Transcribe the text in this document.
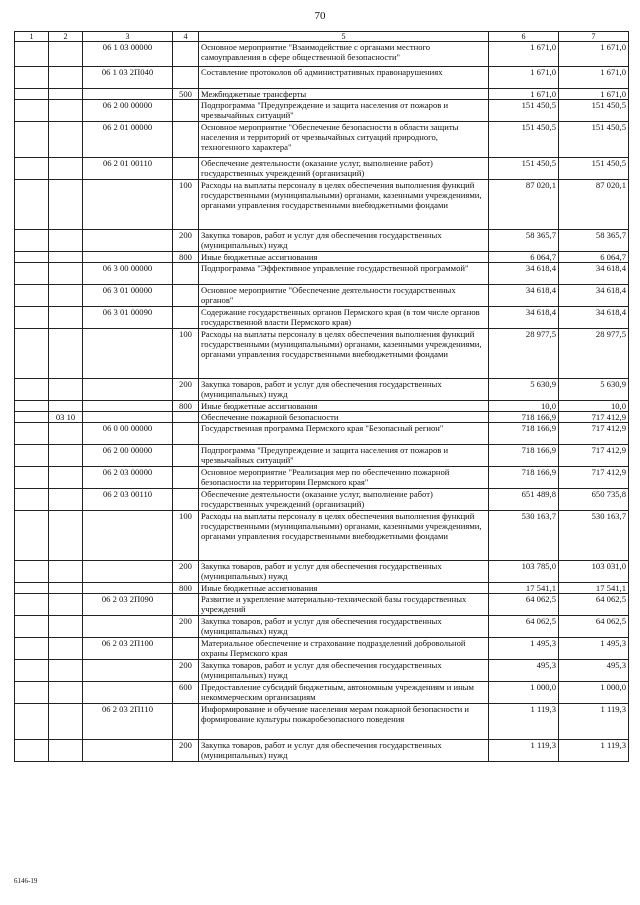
70
1	2	3	4	5	6	7
		06 1 03 00000		Основное мероприятие "Взаимодействие с органами местного самоуправления в сфере общественной безопасности"	1 671,0	1 671,0
		06 1 03 2П040		Составление протоколов об административных правонарушениях	1 671,0	1 671,0
			500	Межбюджетные трансферты	1 671,0	1 671,0
		06 2 00 00000		Подпрограмма "Предупреждение и защита населения от пожаров и чрезвычайных ситуаций"	151 450,5	151 450,5
		06 2 01 00000		Основное мероприятие "Обеспечение безопасности в области защиты населения и территорий от чрезвычайных ситуаций природного, техногенного характера"	151 450,5	151 450,5
		06 2 01 00110		Обеспечение деятельности (оказание услуг, выполнение работ) государственных учреждений (организаций)	151 450,5	151 450,5
			100	Расходы на выплаты персоналу в целях обеспечения выполнения функций государственными (муниципальными) органами, казенными учреждениями, органами управления государственными внебюджетными фондами	87 020,1	87 020,1
			200	Закупка товаров, работ и услуг для обеспечения государственных (муниципальных) нужд	58 365,7	58 365,7
			800	Иные бюджетные ассигнования	6 064,7	6 064,7
		06 3 00 00000		Подпрограмма "Эффективное управление государственной программой"	34 618,4	34 618,4
		06 3 01 00000		Основное мероприятие "Обеспечение деятельности государственных органов"	34 618,4	34 618,4
		06 3 01 00090		Содержание государственных органов Пермского края (в том числе органов государственной власти Пермского края)	34 618,4	34 618,4
			100	Расходы на выплаты персоналу в целях обеспечения выполнения функций государственными (муниципальными) органами, казенными учреждениями, органами управления государственными внебюджетными фондами	28 977,5	28 977,5
			200	Закупка товаров, работ и услуг для обеспечения государственных (муниципальных) нужд	5 630,9	5 630,9
			800	Иные бюджетные ассигнования	10,0	10,0
	03 10			Обеспечение пожарной безопасности	718 166,9	717 412,9
		06 0 00 00000		Государственная программа Пермского края "Безопасный регион"	718 166,9	717 412,9
		06 2 00 00000		Подпрограмма "Предупреждение и защита населения от пожаров и чрезвычайных ситуаций"	718 166,9	717 412,9
		06 2 03 00000		Основное мероприятие "Реализация мер по обеспечению пожарной безопасности на территории Пермского края"	718 166,9	717 412,9
		06 2 03 00110		Обеспечение деятельности (оказание услуг, выполнение работ) государственных учреждений (организаций)	651 489,8	650 735,8
			100	Расходы на выплаты персоналу в целях обеспечения выполнения функций государственными (муниципальными) органами, казенными учреждениями, органами управления государственными внебюджетными фондами	530 163,7	530 163,7
			200	Закупка товаров, работ и услуг для обеспечения государственных (муниципальных) нужд	103 785,0	103 031,0
			800	Иные бюджетные ассигнования	17 541,1	17 541,1
		06 2 03 2П090		Развитие и укрепление материально-технической базы государственных учреждений	64 062,5	64 062,5
			200	Закупка товаров, работ и услуг для обеспечения государственных (муниципальных) нужд	64 062,5	64 062,5
		06 2 03 2П100		Материальное обеспечение и страхование подразделений добровольной охраны Пермского края	1 495,3	1 495,3
			200	Закупка товаров, работ и услуг для обеспечения государственных (муниципальных) нужд	495,3	495,3
			600	Предоставление субсидий бюджетным, автономным учреждениям и иным некоммерческим организациям	1 000,0	1 000,0
		06 2 03 2П110		Информирование и обучение населения мерам пожарной безопасности и формирование культуры пожаробезопасного поведения	1 119,3	1 119,3
			200	Закупка товаров, работ и услуг для обеспечения государственных (муниципальных) нужд	1 119,3	1 119,3
6146-19
